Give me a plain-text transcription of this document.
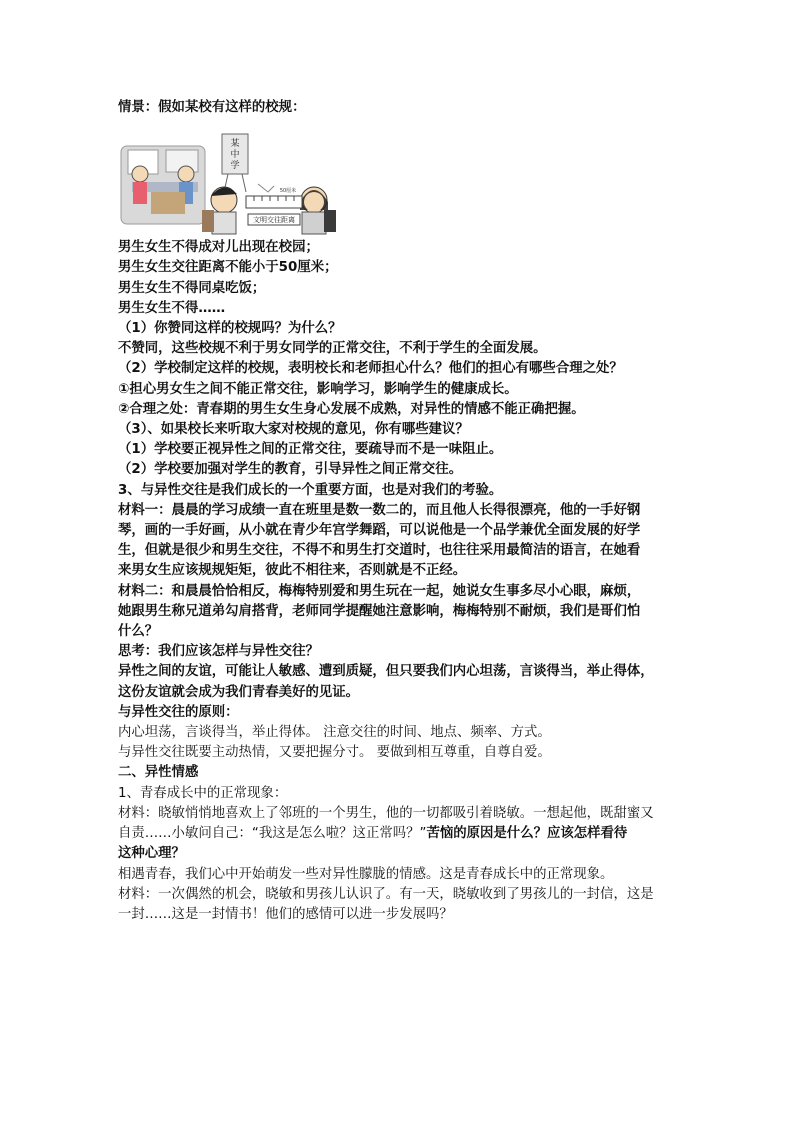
情景：假如某校有这样的校规：
某
中
学
50厘米
文明交往距离
男生女生不得成对儿出现在校园；
男生女生交往距离不能小于50厘米；
男生女生不得同桌吃饭；
男生女生不得……
（1）你赞同这样的校规吗？为什么？
不赞同，这些校规不利于男女同学的正常交往，不利于学生的全面发展。
（2）学校制定这样的校规，表明校长和老师担心什么？他们的担心有哪些合理之处？
①担心男女生之间不能正常交往，影响学习，影响学生的健康成长。
②合理之处：青春期的男生女生身心发展不成熟，对异性的情感不能正确把握。
（3）、如果校长来听取大家对校规的意见，你有哪些建议？
（1）学校要正视异性之间的正常交往，要疏导而不是一味阻止。
（2）学校要加强对学生的教育，引导异性之间正常交往。
3、与异性交往是我们成长的一个重要方面，也是对我们的考验。
材料一：晨晨的学习成绩一直在班里是数一数二的，而且他人长得很漂亮，他的一手好钢
琴，画的一手好画，从小就在青少年宫学舞蹈，可以说他是一个品学兼优全面发展的好学
生，但就是很少和男生交往，不得不和男生打交道时，也往往采用最简洁的语言，在她看
来男女生应该规规矩矩，彼此不相往来，否则就是不正经。
材料二：和晨晨恰恰相反，梅梅特别爱和男生玩在一起，她说女生事多尽小心眼，麻烦，
她跟男生称兄道弟勾肩搭背，老师同学提醒她注意影响，梅梅特别不耐烦，我们是哥们怕
什么？
思考：我们应该怎样与异性交往？
异性之间的友谊，可能让人敏感、遭到质疑，但只要我们内心坦荡，言谈得当，举止得体，
这份友谊就会成为我们青春美好的见证。
与异性交往的原则：
内心坦荡，言谈得当，举止得体。 注意交往的时间、地点、频率、方式。
与异性交往既要主动热情，又要把握分寸。 要做到相互尊重，自尊自爱。
二、异性情感
1、青春成长中的正常现象：
材料：晓敏悄悄地喜欢上了邻班的一个男生，他的一切都吸引着晓敏。一想起他，既甜蜜又
自责……小敏问自己：“我这是怎么啦？这正常吗？”苦恼的原因是什么？应该怎样看待
这种心理？
相遇青春，我们心中开始萌发一些对异性朦胧的情感。这是青春成长中的正常现象。
材料：一次偶然的机会，晓敏和男孩儿认识了。有一天，晓敏收到了男孩儿的一封信，这是
一封……这是一封情书！他们的感情可以进一步发展吗？
